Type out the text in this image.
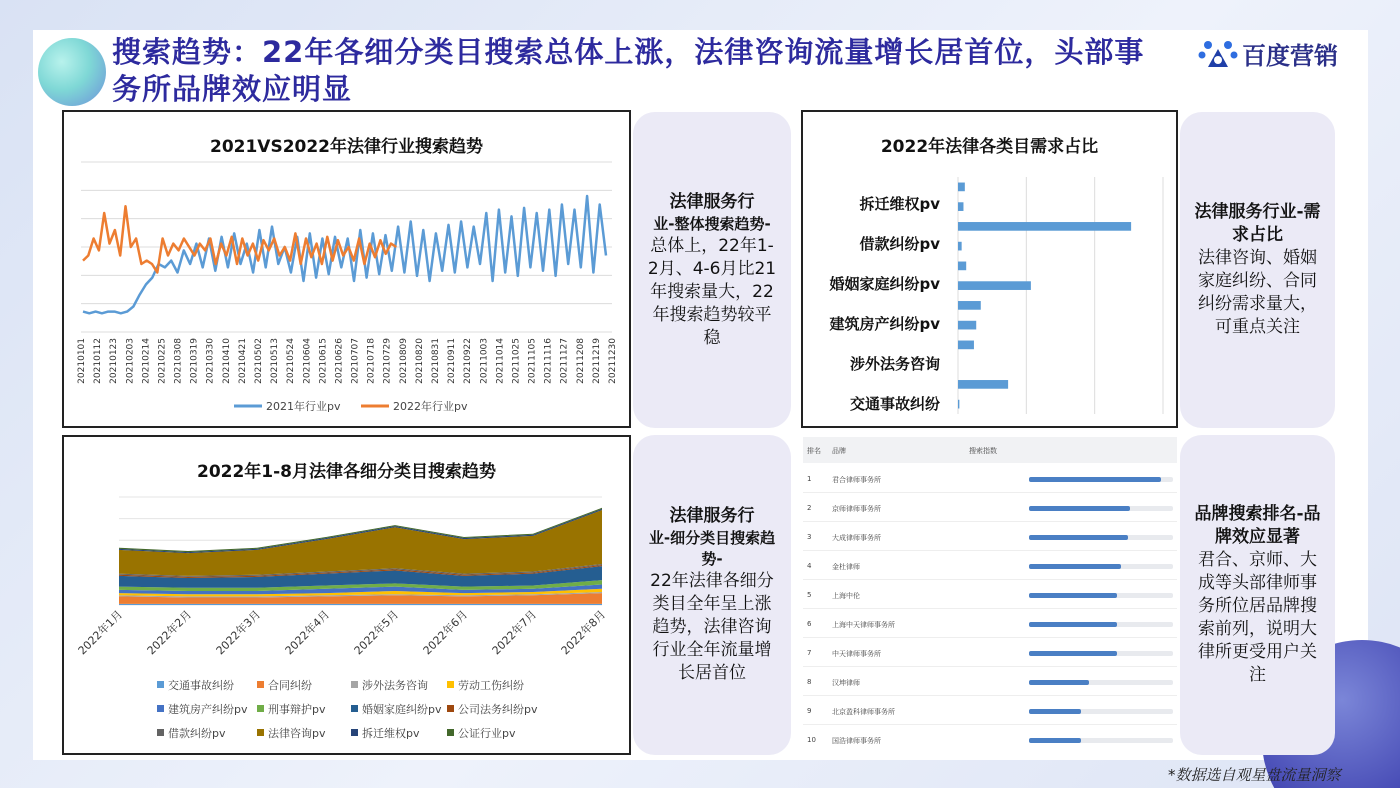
搜索趋势：22年各细分类目搜索总体上涨，法律咨询流量增长居首位，头部事务所品牌效应明显
百度营销
2021VS2022年法律行业搜索趋势
20210101 20210112 20210123 20210203 20210214 20210225 20210308 20210319 20210330 20210410 20210421 20210502 20210513 20210524 20210604 20210615 20210626 20210707 20210718 20210729 20210809 20210820 20210831 20210911 20210922 20211003 20211014 20211025 20211105 20211116 20211127 20211208 20211219 20211230
2021年行业pv	2022年行业pv
2022年1-8月法律各细分类目搜索趋势
2022年1月 2022年2月 2022年3月 2022年4月 2022年5月 2022年6月 2022年7月 2022年8月
交通事故纠纷	合同纠纷	涉外法务咨询	劳动工伤纠纷
建筑房产纠纷pv 刑事辩护pv	婚姻家庭纠纷pv 公司法务纠纷pv
借款纠纷pv	法律咨询pv	拆迁维权pv	公证行业pv
2022年法律各类目需求占比
拆迁维权pv
借款纠纷pv
婚姻家庭纠纷pv
建筑房产纠纷pv
涉外法务咨询
交通事故纠纷
排名 品牌	搜索指数
1	君合律师事务所
2	京师律师事务所
3	大成律师事务所
4	金杜律师
5	上海中伦
6	上海中天律师事务所
7	中天律师事务所
8	汉坤律师
9	北京盈科律师事务所
10 国浩律师事务所
法律服务行
业-整体搜索趋势-
总体上，22年1-2月、4-6月比21年搜索量大，22年搜索趋势较平稳
法律服务行业-需求占比
法律咨询、婚姻家庭纠纷、合同纠纷需求量大，可重点关注
法律服务行
业-细分类目搜索趋势-
22年法律各细分类目全年呈上涨趋势，法律咨询行业全年流量增长居首位
品牌搜索排名-品牌效应显著
君合、京师、大成等头部律师事务所位居品牌搜索前列，说明大律所更受用户关注
*数据选自观星盘流量洞察
